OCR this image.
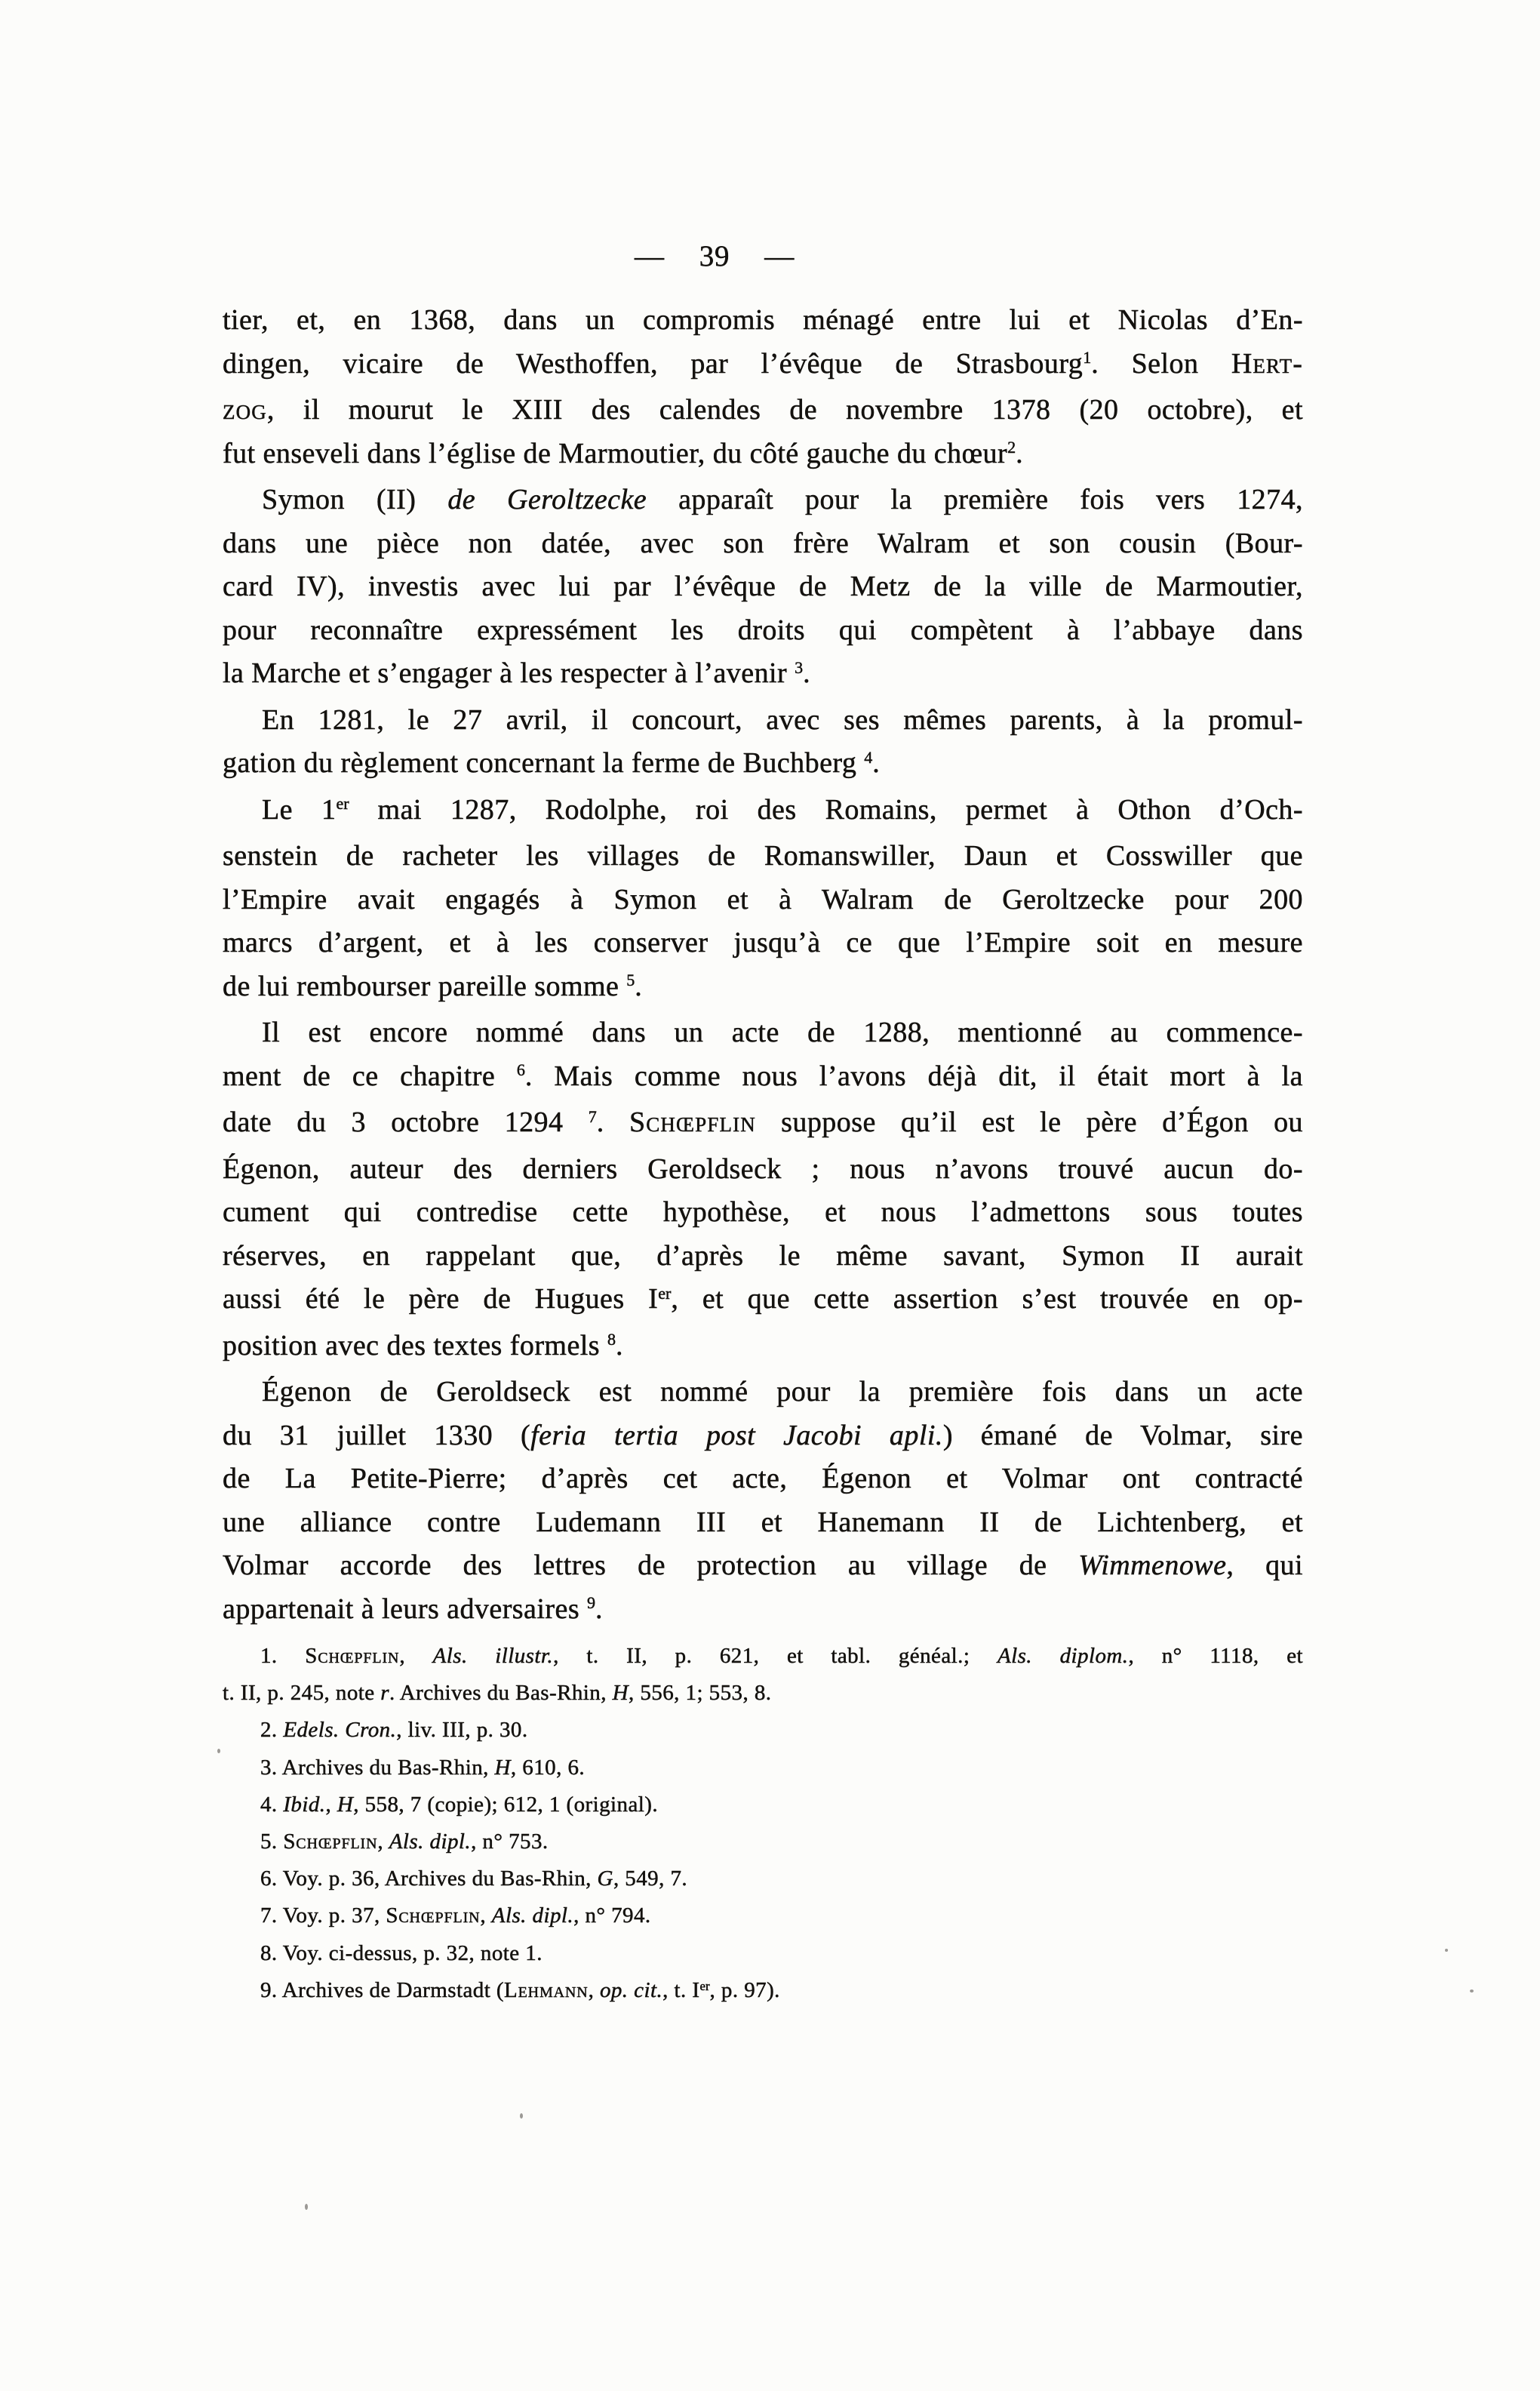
— 39 —
tier, et, en 1368, dans un compromis ménagé entre lui et Nicolas d’En-
dingen, vicaire de Westhoffen, par l’évêque de Strasbourg$^1$. Selon Hert-
zog, il mourut le XIII des calendes de novembre 1378 (20 octobre), et
fut enseveli dans l’église de Marmoutier, du côté gauche du chœur$^2$.
Symon (II) de Geroltzecke apparaît pour la première fois vers 1274,
dans une pièce non datée, avec son frère Walram et son cousin (Bour-
card IV), investis avec lui par l’évêque de Metz de la ville de Marmoutier,
pour reconnaître expressément les droits qui compètent à l’abbaye dans
la Marche et s’engager à les respecter à l’avenir $^3$.
En 1281, le 27 avril, il concourt, avec ses mêmes parents, à la promul-
gation du règlement concernant la ferme de Buchberg $^4$.
Le 1er mai 1287, Rodolphe, roi des Romains, permet à Othon d’Och-
senstein de racheter les villages de Romanswiller, Daun et Cosswiller que
l’Empire avait engagés à Symon et à Walram de Geroltzecke pour 200
marcs d’argent, et à les conserver jusqu’à ce que l’Empire soit en mesure
de lui rembourser pareille somme $^5$.
Il est encore nommé dans un acte de 1288, mentionné au commence-
ment de ce chapitre $^6$. Mais comme nous l’avons déjà dit, il était mort à la
date du 3 octobre 1294 $^7$. Schœpflin suppose qu’il est le père d’Égon ou
Égenon, auteur des derniers Geroldseck ; nous n’avons trouvé aucun do-
cument qui contredise cette hypothèse, et nous l’admettons sous toutes
réserves, en rappelant que, d’après le même savant, Symon II aurait
aussi été le père de Hugues Ier, et que cette assertion s’est trouvée en op-
position avec des textes formels $^8$.
Égenon de Geroldseck est nommé pour la première fois dans un acte
du 31 juillet 1330 (feria tertia post Jacobi apli.) émané de Volmar, sire
de La Petite-Pierre; d’après cet acte, Égenon et Volmar ont contracté
une alliance contre Ludemann III et Hanemann II de Lichtenberg, et
Volmar accorde des lettres de protection au village de Wimmenowe, qui
appartenait à leurs adversaires $^9$.
1. Schœpflin, Als. illustr., t. II, p. 621, et tabl. généal.; Als. diplom., n° 1118, et
t. II, p. 245, note r. Archives du Bas-Rhin, H, 556, 1; 553, 8.
2. Edels. Cron., liv. III, p. 30.
3. Archives du Bas-Rhin, H, 610, 6.
4. Ibid., H, 558, 7 (copie); 612, 1 (original).
5. Schœpflin, Als. dipl., n° 753.
6. Voy. p. 36, Archives du Bas-Rhin, G, 549, 7.
7. Voy. p. 37, Schœpflin, Als. dipl., n° 794.
8. Voy. ci-dessus, p. 32, note 1.
9. Archives de Darmstadt (Lehmann, op. cit., t. Ier, p. 97).
